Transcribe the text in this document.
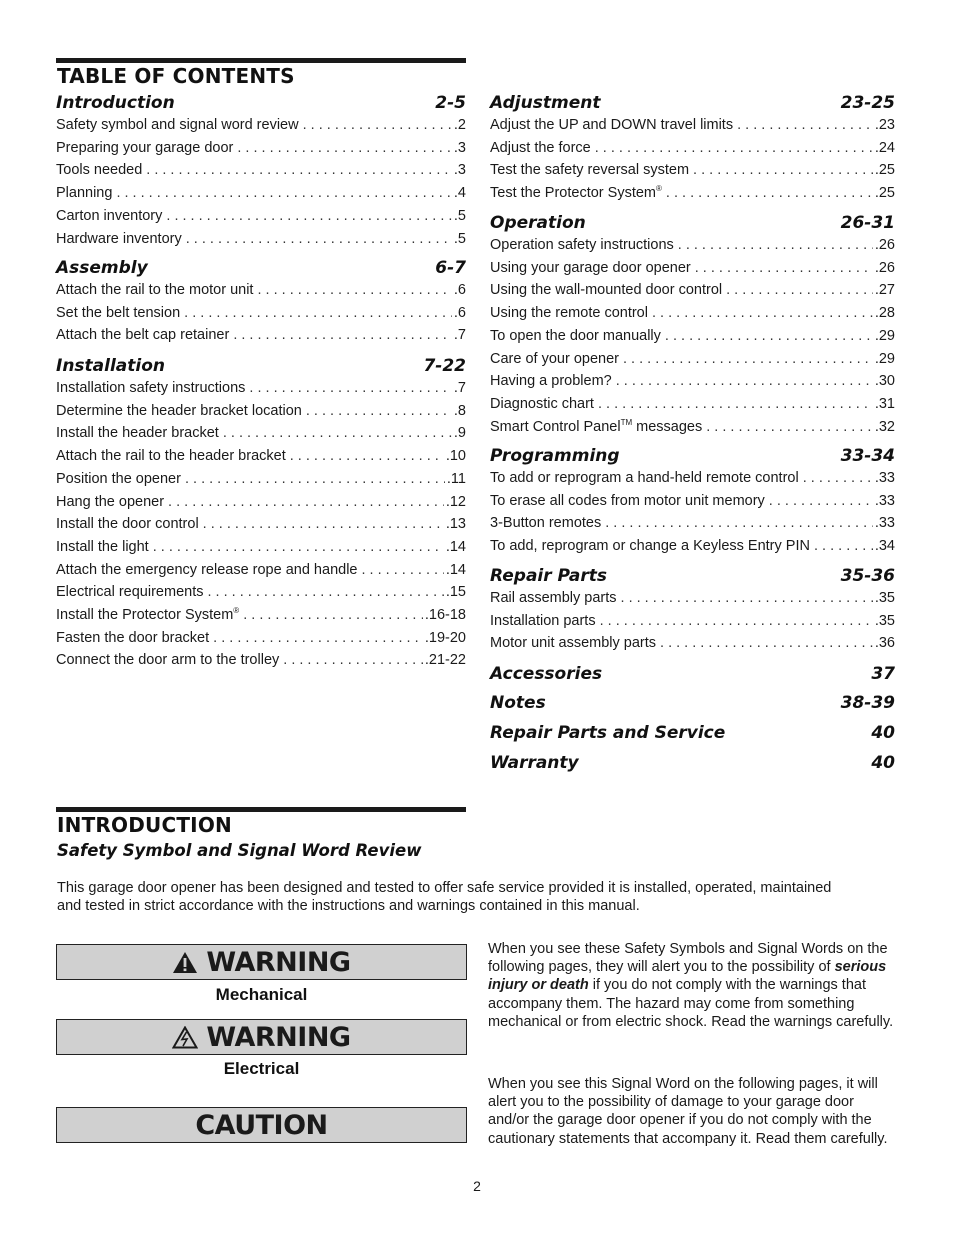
TABLE OF CONTENTS
Introduction	2-5
Safety symbol and signal word review . . .	.2
Preparing your garage door . . .	.3
Tools needed . . .	.3
Planning . . .	.4
Carton inventory . . .	.5
Hardware inventory . . .	.5
Assembly	6-7
Attach the rail to the motor unit . . .	.6
Set the belt tension . . .	.6
Attach the belt cap retainer . . .	.7
Installation	7-22
Installation safety instructions . . .	.7
Determine the header bracket location . . .	.8
Install the header bracket . . .	.9
Attach the rail to the header bracket . . .	.10
Position the opener . . .	.11
Hang the opener . . .	.12
Install the door control . . .	.13
Install the light . . .	.14
Attach the emergency release rope and handle . . .	.14
Electrical requirements . . .	.15
Install the Protector System® . . .	.16-18
Fasten the door bracket . . .	.19-20
Connect the door arm to the trolley . . .	.21-22
Adjustment	23-25
Adjust the UP and DOWN travel limits . . .	.23
Adjust the force . . .	.24
Test the safety reversal system . . .	.25
Test the Protector System® . . .	.25
Operation	26-31
Operation safety instructions . . .	.26
Using your garage door opener . . .	.26
Using the wall-mounted door control . . .	.27
Using the remote control . . .	.28
To open the door manually . . .	.29
Care of your opener . . .	.29
Having a problem? . . .	.30
Diagnostic chart . . .	.31
Smart Control Panel™ messages . . .	.32
Programming	33-34
To add or reprogram a hand-held remote control . . .	.33
To erase all codes from motor unit memory . . .	.33
3-Button remotes . . .	.33
To add, reprogram or change a Keyless Entry PIN . . .	.34
Repair Parts	35-36
Rail assembly parts . . .	.35
Installation parts . . .	.35
Motor unit assembly parts . . .	.36
Accessories	37
Notes	38-39
Repair Parts and Service	40
Warranty	40
INTRODUCTION
Safety Symbol and Signal Word Review
This garage door opener has been designed and tested to offer safe service provided it is installed, operated, maintained and tested in strict accordance with the instructions and warnings contained in this manual.
WARNING
Mechanical
WARNING
Electrical
CAUTION
When you see these Safety Symbols and Signal Words on the following pages, they will alert you to the possibility of serious injury or death if you do not comply with the warnings that accompany them. The hazard may come from something mechanical or from electric shock. Read the warnings carefully.
When you see this Signal Word on the following pages, it will alert you to the possibility of damage to your garage door and/or the garage door opener if you do not comply with the cautionary statements that accompany it. Read them carefully.
2
